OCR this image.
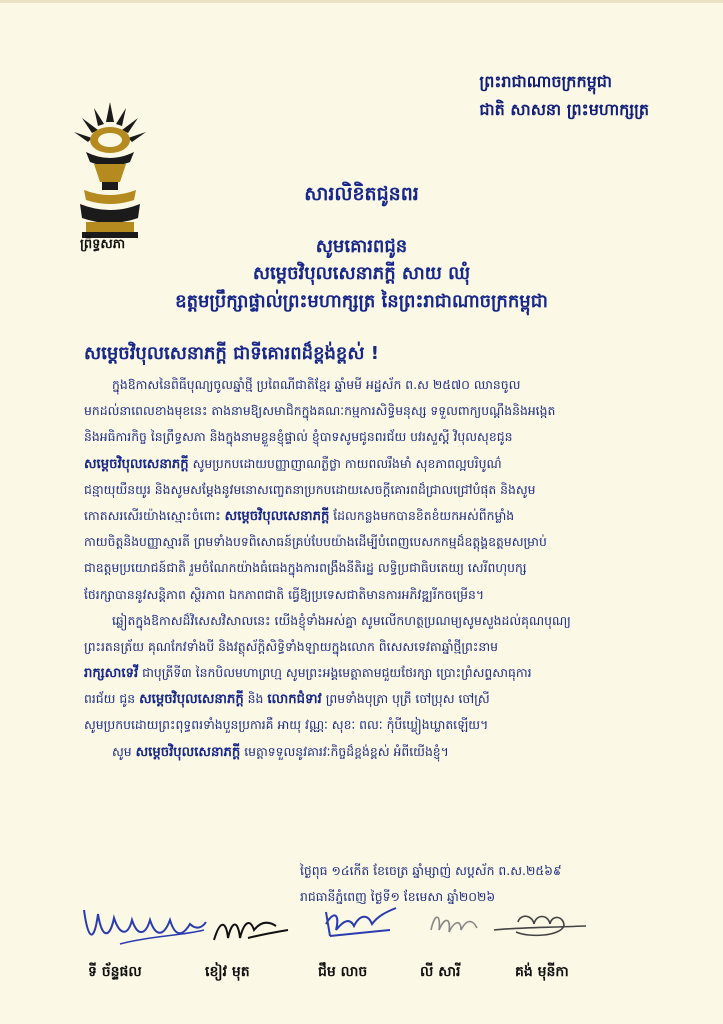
ព្រះរាជាណាចក្រកម្ពុជា
ជាតិ សាសនា ព្រះមហាក្សត្រ
ព្រឹទ្ធសភា
សារលិខិតជូនពរ
សូមគោរពជូន
សម្តេចវិបុលសេនាភក្តី សាយ ឈុំ
ឧត្តមប្រឹក្សាផ្ទាល់ព្រះមហាក្សត្រ នៃព្រះរាជាណាចក្រកម្ពុជា
សម្តេចវិបុលសេនាភក្តី ជាទីគោរពដ៏ខ្ពង់ខ្ពស់ !
ក្នុងឱកាសនៃពិធីបុណ្យចូលឆ្នាំថ្មី ប្រពៃណីជាតិខ្មែរ ឆ្នាំមមី អដ្ឋស័ក ព.ស ២៥៧០ ឈានចូល
មកដល់នាពេលខាងមុខនេះ តាងនាមឱ្យសមាជិកក្នុងគណៈកម្មការសិទ្ធិមនុស្ស ទទួលពាក្យបណ្តឹងនិងអង្កេត
និងអធិការកិច្ច នៃព្រឹទ្ធសភា និងក្នុងនាមខ្លួនខ្ញុំផ្ទាល់ ខ្ញុំបាទសូមជូនពរជ័យ បវរសួស្តី វិបុលសុខជូន
សម្តេចវិបុលសេនាភក្តី សូមប្រកបដោយបញ្ញាញាណភ្លឺថ្លា កាយពលរឹងមាំ សុខភាពល្អបរិបូណ៌
ជន្មាយុយឺនយូរ និងសូមសម្តែងនូវមនោសញ្ចេតនាប្រកបដោយសេចក្តីគោរពដ៏ជ្រាលជ្រៅបំផុត និងសូម
កោតសរសើរយ៉ាងស្មោះចំពោះ សម្តេចវិបុលសេនាភក្តី ដែលកន្លងមកបានខិតខំយកអស់ពីកម្លាំង
កាយចិត្តនិងបញ្ញាស្មារតី ព្រមទាំងបទពិសោធន៍គ្រប់បែបយ៉ាងដើម្បីបំពេញបេសកកម្មដ៏ឧត្តុង្គឧត្តមសម្រាប់
ជាឧត្តមប្រយោជន៍ជាតិ រួមចំណែកយ៉ាងធំធេងក្នុងការពង្រឹងនីតិរដ្ឋ លទ្ធិប្រជាធិបតេយ្យ សេរីពហុបក្ស
ថែរក្សាបាននូវសន្តិភាព ស្ថិរភាព ឯកភាពជាតិ ធ្វើឱ្យប្រទេសជាតិមានការអភិវឌ្ឍរីកចម្រើន។
ឆ្លៀតក្នុងឱកាសដ៏វិសេសវិសាលនេះ យើងខ្ញុំទាំងអស់គ្នា សូមលើកហត្ថប្រណម្យសូមសួងដល់គុណបុណ្យ
ព្រះរតនត្រ័យ គុណកែវទាំងបី និងវត្ថុស័ក្តិសិទ្ធិទាំងឡាយក្នុងលោក ពិសេសទេវតាឆ្នាំថ្មីព្រះនាម
រាក្សសាទេវី ជាបុត្រីទី៣ នៃកបិលមហាព្រហ្ម សូមព្រះអង្គមេត្តាតាមជួយថែរក្សា ប្រោះព្រំសព្ទសាធុការ
ពរជ័យ ជូន សម្តេចវិបុលសេនាភក្តី និង លោកជំទាវ ព្រមទាំងបុត្រា បុត្រី ចៅប្រុស ចៅស្រី
សូមប្រកបដោយព្រះពុទ្ធពរទាំងបួនប្រការគឺ អាយុ វណ្ណៈ សុខៈ ពលៈ កុំបីឃ្លៀងឃ្លាតឡើយ។
សូម សម្តេចវិបុលសេនាភក្តី មេត្តាទទួលនូវគារវៈកិច្ចដ៏ខ្ពង់ខ្ពស់ អំពីយើងខ្ញុំ។
ថ្ងៃពុធ ១៤កើត ខែចេត្រ ឆ្នាំម្សាញ់ សប្តស័ក ព.ស.២៥៦៩
រាជធានីភ្នំពេញ ថ្ងៃទី១ ខែមេសា ឆ្នាំ២០២៦
ទី ច័ន្ទផល	ខៀវ មុត	ជឹម លាច	លី សារី	គង់ មុនីកា
